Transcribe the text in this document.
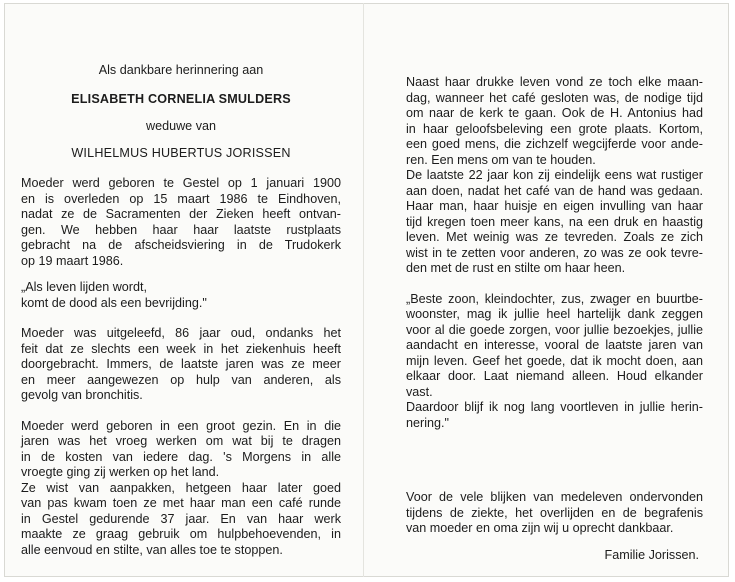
Als dankbare herinnering aan
ELISABETH CORNELIA SMULDERS
weduwe van
WILHELMUS HUBERTUS JORISSEN
Moeder werd geboren te Gestel op 1 januari 1900
en is overleden op 15 maart 1986 te Eindhoven,
nadat ze de Sacramenten der Zieken heeft ontvan-
gen. We hebben haar haar laatste rustplaats
gebracht na de afscheidsviering in de Trudokerk
op 19 maart 1986.
„Als leven lijden wordt,
komt de dood als een bevrijding."
Moeder was uitgeleefd, 86 jaar oud, ondanks het
feit dat ze slechts een week in het ziekenhuis heeft
doorgebracht. Immers, de laatste jaren was ze meer
en meer aangewezen op hulp van anderen, als
gevolg van bronchitis.
Moeder werd geboren in een groot gezin. En in die
jaren was het vroeg werken om wat bij te dragen
in de kosten van iedere dag. 's Morgens in alle
vroegte ging zij werken op het land.
Ze wist van aanpakken, hetgeen haar later goed
van pas kwam toen ze met haar man een café runde
in Gestel gedurende 37 jaar. En van haar werk
maakte ze graag gebruik om hulpbehoevenden, in
alle eenvoud en stilte, van alles toe te stoppen.
Naast haar drukke leven vond ze toch elke maan-
dag, wanneer het café gesloten was, de nodige tijd
om naar de kerk te gaan. Ook de H. Antonius had
in haar geloofsbeleving een grote plaats. Kortom,
een goed mens, die zichzelf wegcijferde voor ande-
ren. Een mens om van te houden.
De laatste 22 jaar kon zij eindelijk eens wat rustiger
aan doen, nadat het café van de hand was gedaan.
Haar man, haar huisje en eigen invulling van haar
tijd kregen toen meer kans, na een druk en haastig
leven. Met weinig was ze tevreden. Zoals ze zich
wist in te zetten voor anderen, zo was ze ook tevre-
den met de rust en stilte om haar heen.
„Beste zoon, kleindochter, zus, zwager en buurtbe-
woonster, mag ik jullie heel hartelijk dank zeggen
voor al die goede zorgen, voor jullie bezoekjes, jullie
aandacht en interesse, vooral de laatste jaren van
mijn leven. Geef het goede, dat ik mocht doen, aan
elkaar door. Laat niemand alleen. Houd elkander
vast.
Daardoor blijf ik nog lang voortleven in jullie herin-
nering."
Voor de vele blijken van medeleven ondervonden
tijdens de ziekte, het overlijden en de begrafenis
van moeder en oma zijn wij u oprecht dankbaar.
Familie Jorissen.
